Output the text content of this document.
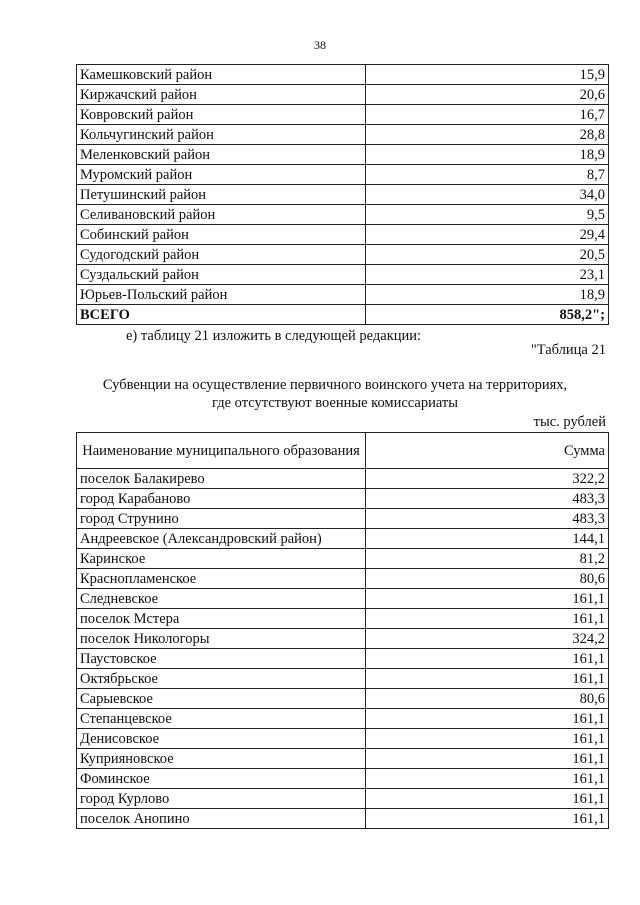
38
Камешковский район	15,9
Киржачский район	20,6
Ковровский район	16,7
Кольчугинский район	28,8
Меленковский район	18,9
Муромский район	8,7
Петушинский район	34,0
Селивановский район	9,5
Собинский район	29,4
Судогодский район	20,5
Суздальский район	23,1
Юрьев-Польский район	18,9
ВСЕГО	858,2";
е) таблицу 21 изложить в следующей редакции:
"Таблица 21
Субвенции на осуществление первичного воинского учета на территориях,
где отсутствуют военные комиссариаты
тыс. рублей
Наименование муниципального образования	Сумма
поселок Балакирево	322,2
город Карабаново	483,3
город Струнино	483,3
Андреевское (Александровский район)	144,1
Каринское	81,2
Краснопламенское	80,6
Следневское	161,1
поселок Мстера	161,1
поселок Никологоры	324,2
Паустовское	161,1
Октябрьское	161,1
Сарыевское	80,6
Степанцевское	161,1
Денисовское	161,1
Куприяновское	161,1
Фоминское	161,1
город Курлово	161,1
поселок Анопино	161,1
